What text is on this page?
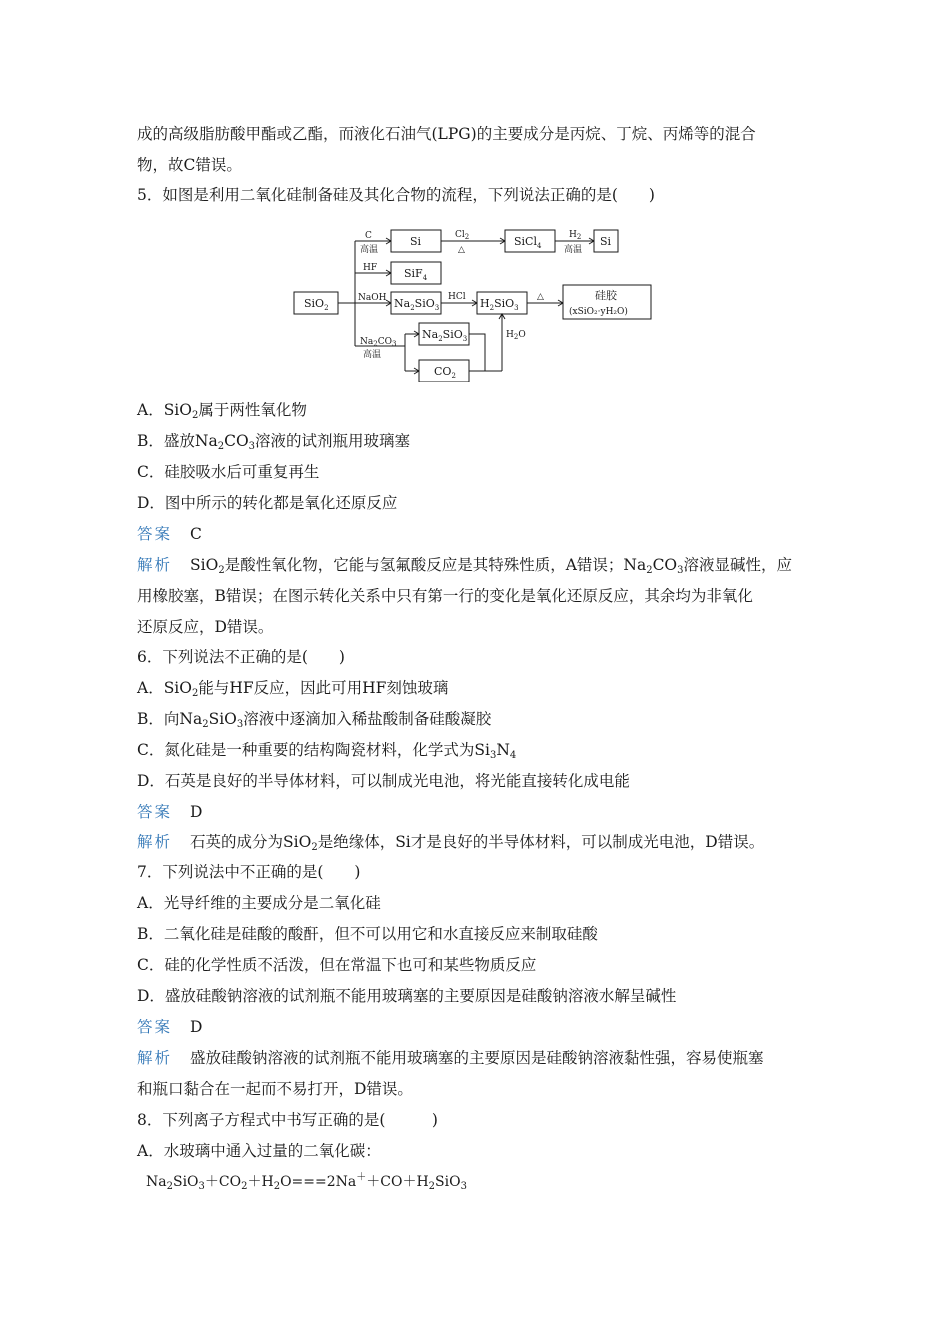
成的高级脂肪酸甲酯或乙酯，而液化石油气(LPG)的主要成分是丙烷、丁烷、丙烯等的混合
物，故C错误。
5．如图是利用二氧化硅制备硅及其化合物的流程，下列说法正确的是(　　)
SiO$_2$
C
高温
Si	$Cl_2$
△
SiCl$_4$
$H_2$
高温
Si
HF SiF$_4$
NaOH $Na_2SiO_3$
HCl $H_2SiO_3$
△	硅胶
(xSiO₂·yH₂O)
$Na_2CO_3$
高温
$Na_2SiO_3$
$CO_2$
$H_2O$
A．SiO$_2$属于两性氧化物
B．盛放$Na_2CO_3$溶液的试剂瓶用玻璃塞
C．硅胶吸水后可重复再生
D．图中所示的转化都是氧化还原反应
答案 C
解析 SiO$_2$是酸性氧化物，它能与氢氟酸反应是其特殊性质，A错误；$Na_2CO_3$溶液显碱性，应
用橡胶塞，B错误；在图示转化关系中只有第一行的变化是氧化还原反应，其余均为非氧化
还原反应，D错误。
6．下列说法不正确的是(　　)
A．SiO$_2$能与HF反应，因此可用HF刻蚀玻璃
B．向$Na_2SiO_3$溶液中逐滴加入稀盐酸制备硅酸凝胶
C．氮化硅是一种重要的结构陶瓷材料，化学式为$Si_3N_4$
D．石英是良好的半导体材料，可以制成光电池，将光能直接转化成电能
答案 D
解析 石英的成分为SiO$_2$是绝缘体，Si才是良好的半导体材料，可以制成光电池，D错误。
7．下列说法中不正确的是(　　)
A．光导纤维的主要成分是二氧化硅
B．二氧化硅是硅酸的酸酐，但不可以用它和水直接反应来制取硅酸
C．硅的化学性质不活泼，但在常温下也可和某些物质反应
D．盛放硅酸钠溶液的试剂瓶不能用玻璃塞的主要原因是硅酸钠溶液水解呈碱性
答案 D
解析 盛放硅酸钠溶液的试剂瓶不能用玻璃塞的主要原因是硅酸钠溶液黏性强，容易使瓶塞
和瓶口黏合在一起而不易打开，D错误。
8．下列离子方程式中书写正确的是(　　　)
A．水玻璃中通入过量的二氧化碳：
$Na_2SiO_3+CO_2+H_2O===2Na^++CO+H_2SiO_3$
